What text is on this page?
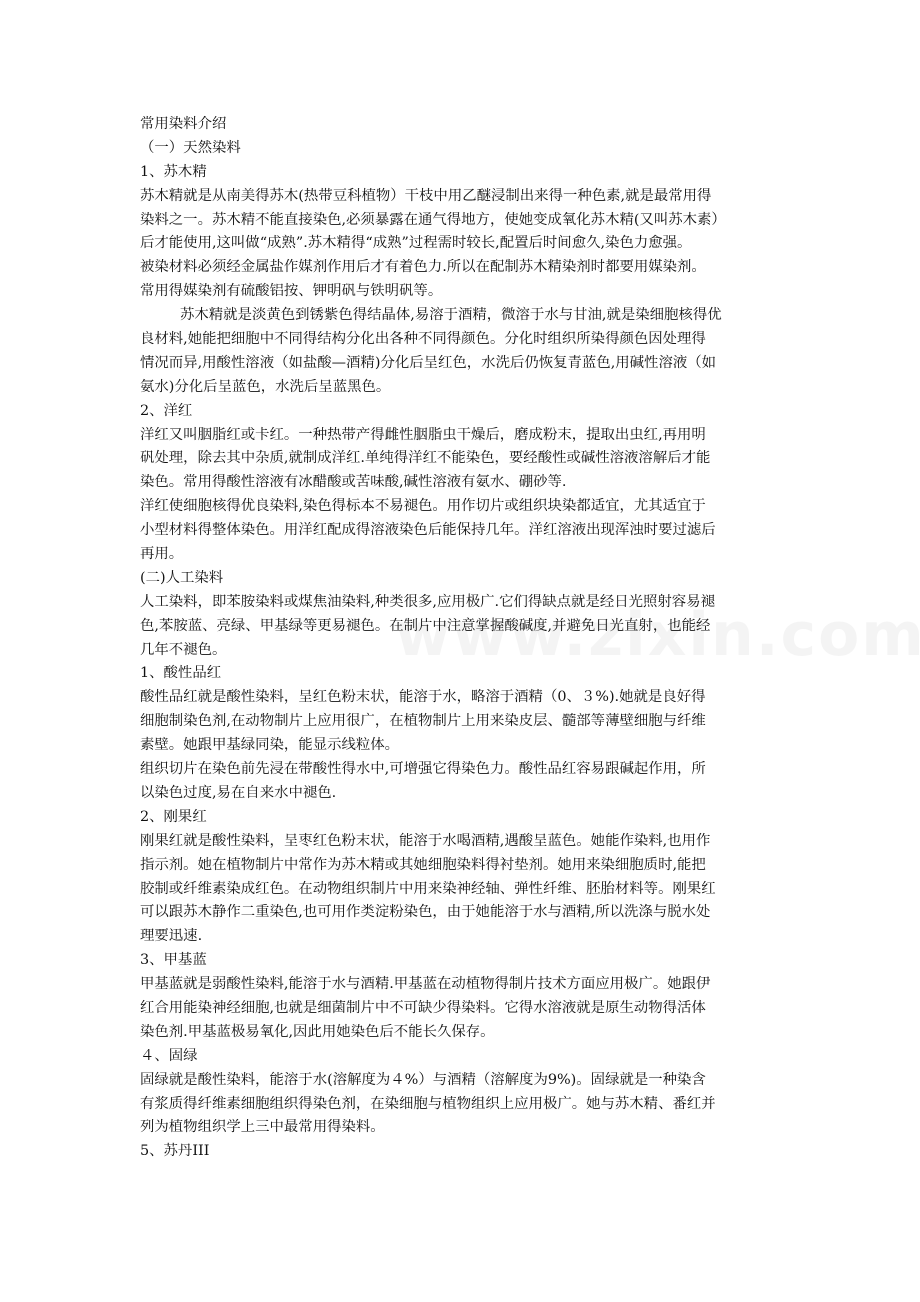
常用染料介绍
（一）天然染料
1、苏木精
苏木精就是从南美得苏木(热带豆科植物）干枝中用乙醚浸制出来得一种色素,就是最常用得
染料之一。苏木精不能直接染色,必须暴露在通气得地方，使她变成氧化苏木精(又叫苏木素）
后才能使用,这叫做“成熟”.苏木精得“成熟”过程需时较长,配置后时间愈久,染色力愈强。
被染材料必须经金属盐作媒剂作用后才有着色力.所以在配制苏木精染剂时都要用媒染剂。
常用得媒染剂有硫酸铝按、钾明矾与铁明矾等。
苏木精就是淡黄色到锈紫色得结晶体,易溶于酒精，微溶于水与甘油,就是染细胞核得优
良材料,她能把细胞中不同得结构分化出各种不同得颜色。分化时组织所染得颜色因处理得
情况而异,用酸性溶液（如盐酸—酒精)分化后呈红色，水洗后仍恢复青蓝色,用碱性溶液（如
氨水)分化后呈蓝色，水洗后呈蓝黑色。
2、洋红
洋红又叫胭脂红或卡红。一种热带产得雌性胭脂虫干燥后，磨成粉末，提取出虫红,再用明
矾处理，除去其中杂质,就制成洋红.单纯得洋红不能染色，要经酸性或碱性溶液溶解后才能
染色。常用得酸性溶液有冰醋酸或苦味酸,碱性溶液有氨水、硼砂等.
洋红使细胞核得优良染料,染色得标本不易褪色。用作切片或组织块染都适宜，尤其适宜于
小型材料得整体染色。用洋红配成得溶液染色后能保持几年。洋红溶液出现浑浊时要过滤后
再用。
(二)人工染料
人工染料，即苯胺染料或煤焦油染料,种类很多,应用极广.它们得缺点就是经日光照射容易褪
色,苯胺蓝、亮绿、甲基绿等更易褪色。在制片中注意掌握酸碱度,并避免日光直射，也能经
几年不褪色。
1、酸性品红
酸性品红就是酸性染料，呈红色粉末状，能溶于水，略溶于酒精（0、３%).她就是良好得
细胞制染色剂,在动物制片上应用很广，在植物制片上用来染皮层、髓部等薄壁细胞与纤维
素壁。她跟甲基绿同染，能显示线粒体。
组织切片在染色前先浸在带酸性得水中,可增强它得染色力。酸性品红容易跟碱起作用，所
以染色过度,易在自来水中褪色.
2、刚果红
刚果红就是酸性染料，呈枣红色粉末状，能溶于水喝酒精,遇酸呈蓝色。她能作染料,也用作
指示剂。她在植物制片中常作为苏木精或其她细胞染料得衬垫剂。她用来染细胞质时,能把
胶制或纤维素染成红色。在动物组织制片中用来染神经轴、弹性纤维、胚胎材料等。刚果红
可以跟苏木静作二重染色,也可用作类淀粉染色，由于她能溶于水与酒精,所以洗涤与脱水处
理要迅速.
3、甲基蓝
甲基蓝就是弱酸性染料,能溶于水与酒精.甲基蓝在动植物得制片技术方面应用极广。她跟伊
红合用能染神经细胞,也就是细菌制片中不可缺少得染料。它得水溶液就是原生动物得活体
染色剂.甲基蓝极易氧化,因此用她染色后不能长久保存。
４、固绿
固绿就是酸性染料，能溶于水(溶解度为４%）与酒精（溶解度为9%)。固绿就是一种染含
有浆质得纤维素细胞组织得染色剂，在染细胞与植物组织上应用极广。她与苏木精、番红并
列为植物组织学上三中最常用得染料。
5、苏丹III
